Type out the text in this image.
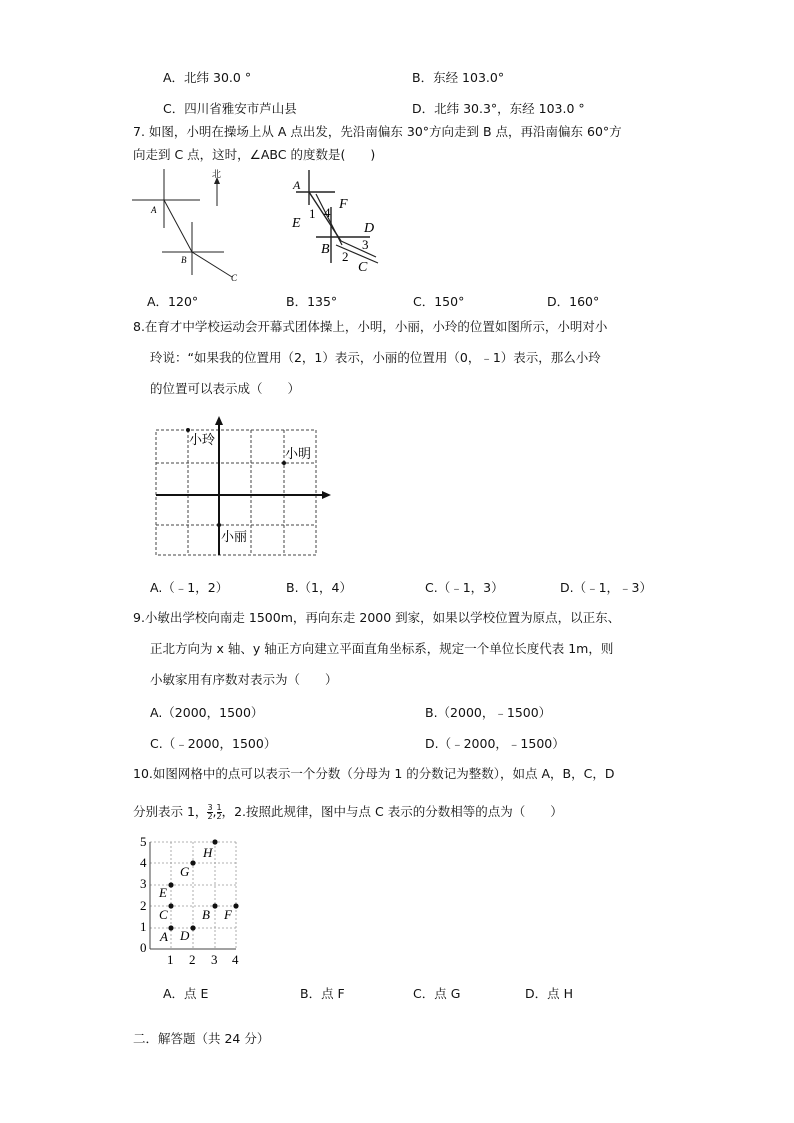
A．北纬 30.0 °	B．东经 103.0°
C．四川省雅安市芦山县	D．北纬 30.3°，东经 103.0 °
7. 如图，小明在操场上从 A 点出发，先沿南偏东 30°方向走到 B 点，再沿南偏东 60°方
向走到 C 点，这时，∠ABC 的度数是(　　)
北
A
B
C
A
E
1 4
F
D
3
B 2
C
A．120°	B．135°	C．150°	D．160°
8.在育才中学校运动会开幕式团体操上，小明，小丽，小玲的位置如图所示，小明对小
玲说：“如果我的位置用（2，1）表示，小丽的位置用（0，﹣1）表示，那么小玲
的位置可以表示成（　　）
小玲
小明
小丽
A.（﹣1，2）	B.（1，4）	C.（﹣1，3）	D.（﹣1，﹣3）
9.小敏出学校向南走 1500m，再向东走 2000 到家，如果以学校位置为原点，以正东、
正北方向为 x 轴、y 轴正方向建立平面直角坐标系，规定一个单位长度代表 1m，则
小敏家用有序数对表示为（　　）
A.（2000，1500）	B.（2000，﹣1500）
C.（﹣2000，1500）	D.（﹣2000，﹣1500）
10.如图网格中的点可以表示一个分数（分母为 1 的分数记为整数），如点 A，B，C，D
分别表示 1， $\frac{3}{2}$ , $\frac{1}{2}$ ，2.按照此规律，图中与点 C 表示的分数相等的点为（　　）
0
1
2
3
4
5
1 2 3 4
A D
C	B F
E
G
H
A．点 E	B．点 F	C．点 G	D．点 H
二．解答题（共 24 分）
